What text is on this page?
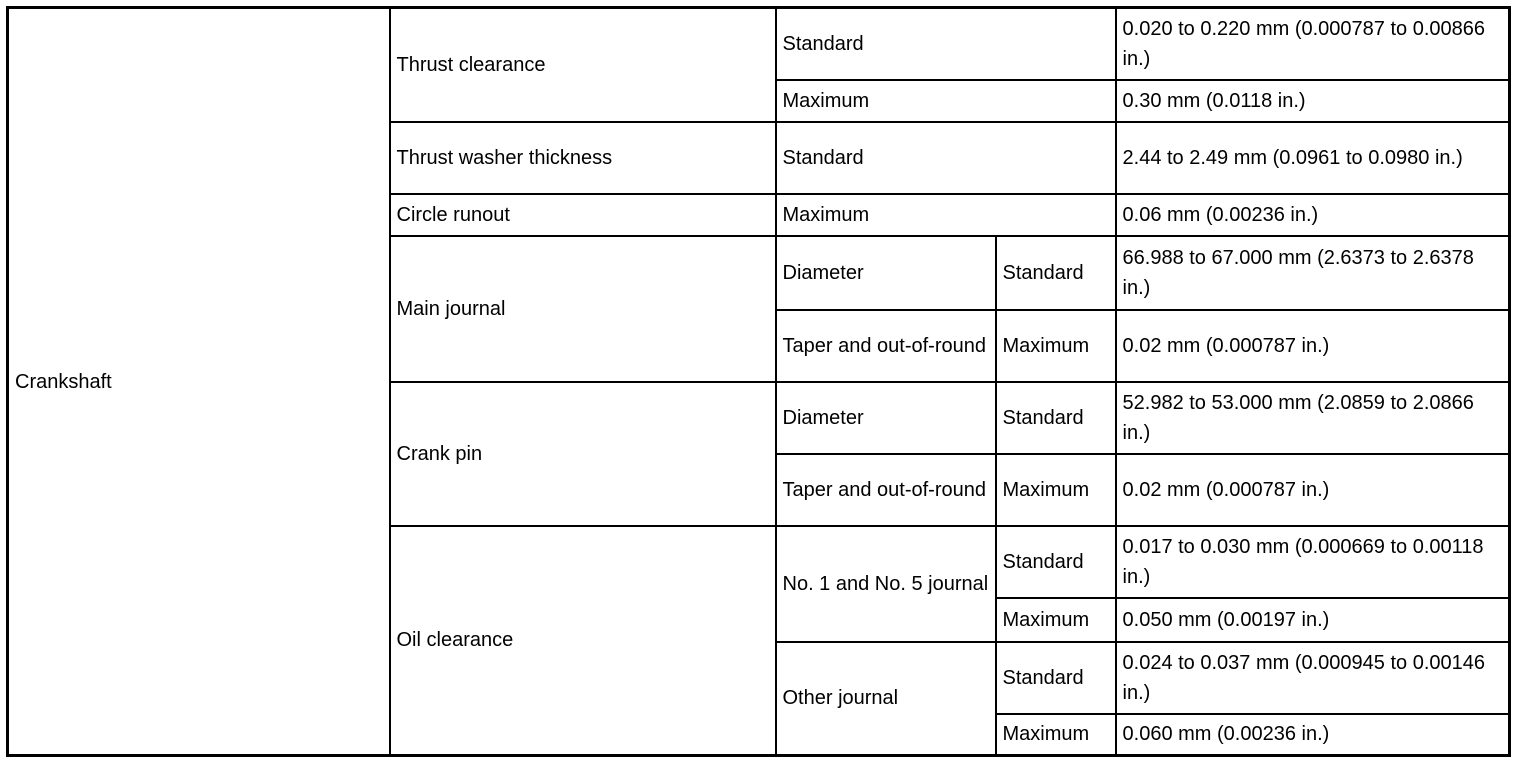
Crankshaft	Thrust clearance	Standard		0.020 to 0.220 mm (0.000787 to 0.00866 in.)
		Maximum		0.30 mm (0.0118 in.)
	Thrust washer thickness	Standard		2.44 to 2.49 mm (0.0961 to 0.0980 in.)
	Circle runout	Maximum		0.06 mm (0.00236 in.)
	Main journal	Diameter	Standard	66.988 to 67.000 mm (2.6373 to 2.6378 in.)
		Taper and out-of-round	Maximum	0.02 mm (0.000787 in.)
	Crank pin	Diameter	Standard	52.982 to 53.000 mm (2.0859 to 2.0866 in.)
		Taper and out-of-round	Maximum	0.02 mm (0.000787 in.)
	Oil clearance	No. 1 and No. 5 journal	Standard	0.017 to 0.030 mm (0.000669 to 0.00118 in.)
			Maximum	0.050 mm (0.00197 in.)
		Other journal	Standard	0.024 to 0.037 mm (0.000945 to 0.00146 in.)
			Maximum	0.060 mm (0.00236 in.)
